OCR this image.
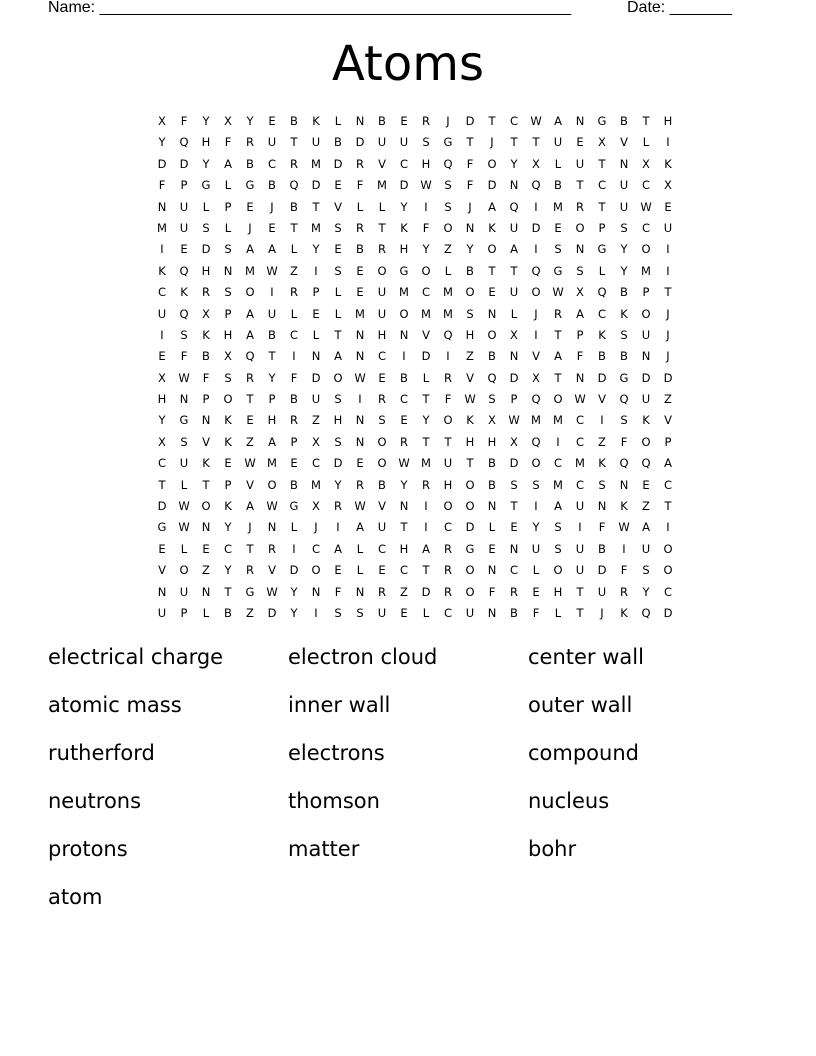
Name: _____________________________________________________	Date: _______
Atoms
X	F	Y	X	Y	E	B	K	L	N	B	E	R	J	D	T	C	W	A	N	G	B	T	H
Y	Q	H	F	R	U	T	U	B	D	U	U	S	G	T	J	T	T	U	E	X	V	L	I
D	D	Y	A	B	C	R	M	D	R	V	C	H	Q	F	O	Y	X	L	U	T	N	X	K
F	P	G	L	G	B	Q	D	E	F	M	D	W	S	F	D	N	Q	B	T	C	U	C	X
N	U	L	P	E	J	B	T	V	L	L	Y	I	S	J	A	Q	I	M	R	T	U	W	E
M	U	S	L	J	E	T	M	S	R	T	K	F	O	N	K	U	D	E	O	P	S	C	U
I	E	D	S	A	A	L	Y	E	B	R	H	Y	Z	Y	O	A	I	S	N	G	Y	O	I
K	Q	H	N	M W	Z	I	S	E	O	G	O	L	B	T	T	Q	G	S	L	Y	M	I
C	K	R	S	O	I	R	P	L	E	U	M	C	M	O	E	U	O	W	X	Q	B	P	T
U	Q	X	P	A	U	L	E	L	M	U	O	M	M	S	N	L	J	R	A	C	K	O	J
I	S	K	H	A	B	C	L	T	N	H	N	V	Q	H	O	X	I	T	P	K	S	U	J
E	F	B	X	Q	T	I	N	A	N	C	I	D	I	Z	B	N	V	A	F	B	B	N	J
X	W	F	S	R	Y	F	D	O	W	E	B	L	R	V	Q	D	X	T	N	D	G	D	D
H	N	P	O	T	P	B	U	S	I	R	C	T	F	W	S	P	Q	O	W	V	Q	U	Z
Y	G	N	K	E	H	R	Z	H	N	S	E	Y	O	K	X	W M	M	C	I	S	K	V
X	S	V	K	Z	A	P	X	S	N	O	R	T	T	H	H	X	Q	I	C	Z	F	O	P
C	U	K	E	W M	E	C	D	E	O	W M	U	T	B	D	O	C	M	K	Q	Q	A
T	L	T	P	V	O	B	M	Y	R	B	Y	R	H	O	B	S	S	M	C	S	N	E	C
D	W	O	K	A	W	G	X	R	W	V	N	I	O	O	N	T	I	A	U	N	K	Z	T
G	W	N	Y	J	N	L	J	I	A	U	T	I	C	D	L	E	Y	S	I	F	W	A	I
E	L	E	C	T	R	I	C	A	L	C	H	A	R	G	E	N	U	S	U	B	I	U	O
V	O	Z	Y	R	V	D	O	E	L	E	C	T	R	O	N	C	L	O	U	D	F	S	O
N	U	N	T	G	W	Y	N	F	N	R	Z	D	R	O	F	R	E	H	T	U	R	Y	C
U	P	L	B	Z	D	Y	I	S	S	U	E	L	C	U	N	B	F	L	T	J	K	Q	D
electrical charge	electron cloud	center wall
atomic mass	inner wall	outer wall
rutherford	electrons	compound
neutrons	thomson	nucleus
protons	matter	bohr
atom
